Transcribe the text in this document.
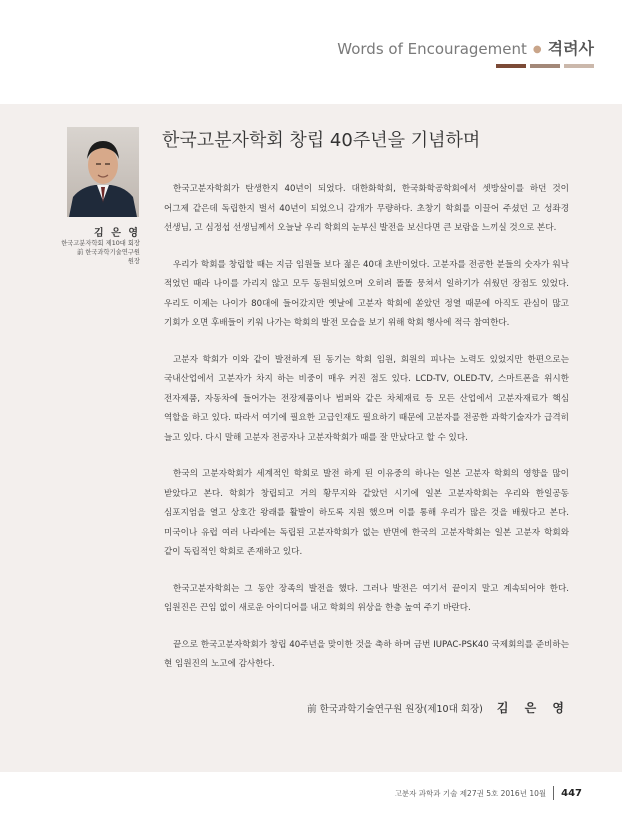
Words of Encouragement ● 격려사
김 은 영
한국고분자학회 제10대 회장
前 한국과학기술연구원
원장
한국고분자학회 창립 40주년을 기념하며

한국고분자학회가 탄생한지 40년이 되었다. 대한화학회, 한국화학공학회에서 셋방살이를 하던 것이 어그제 같은데 독립한지 벌서 40년이 되었으니 감개가 무량하다. 초창기 학회를 이끌어 주셨던 고 성좌경 선생님, 고 심정섭 선생님께서 오늘날 우리 학회의 눈부신 발전을 보신다면 큰 보람을 느끼실 것으로 본다.

우리가 학회를 창립할 때는 지금 임원들 보다 젊은 40대 초반이었다. 고분자를 전공한 분들의 숫자가 워낙 적었던 때라 나이를 가리지 않고 모두 동원되었으며 오히려 똘똘 뭉쳐서 일하기가 쉬웠던 장점도 있었다. 우리도 이제는 나이가 80대에 들어갔지만 옛날에 고분자 학회에 쏟았던 정열 때문에 아직도 관심이 많고 기회가 오면 후배들이 키워 나가는 학회의 발전 모습을 보기 위해 학회 행사에 적극 참여한다.

고분자 학회가 이와 같이 발전하게 된 동기는 학회 임원, 회원의 피나는 노력도 있었지만 한편으로는 국내산업에서 고분자가 차지 하는 비중이 매우 커진 점도 있다. LCD-TV, OLED-TV, 스마트폰을 위시한 전자제품, 자동차에 들어가는 전장제품이나 범퍼와 같은 차체재료 등 모든 산업에서 고분자재료가 핵심 역할을 하고 있다. 따라서 여기에 필요한 고급인재도 필요하기 때문에 고분자를 전공한 과학기술자가 급격히 늘고 있다. 다시 말해 고분자 전공자나 고분자학회가 때를 잘 만났다고 할 수 있다.

한국의 고분자학회가 세계적인 학회로 발전 하게 된 이유중의 하나는 일본 고분자 학회의 영향을 많이 받았다고 본다. 학회가 창립되고 거의 황무지와 같았던 시기에 일본 고분자학회는 우리와 한일공동 심포지엄을 열고 상호간 왕래를 활발이 하도록 지원 했으며 이를 통해 우리가 많은 것을 배웠다고 본다. 미국이나 유럽 여러 나라에는 독립된 고분자학회가 없는 반면에 한국의 고분자학회는 일본 고분자 학회와 같이 독립적인 학회로 존재하고 있다.

한국고분자학회는 그 동안 장족의 발전을 했다. 그러나 발전은 여기서 끝이지 말고 계속되어야 한다. 임원진은 끈임 없이 새로운 아이디어를 내고 학회의 위상을 한층 높여 주기 바란다.

끝으로 한국고분자학회가 창립 40주년을 맞이한 것을 축하 하며 금번 IUPAC-PSK40 국제회의를 준비하는 현 임원진의 노고에 감사한다.

前 한국과학기술연구원 원장(제10대 회장) 김 은 영
고분자 과학과 기술 제27권 5호 2016년 10월 447
